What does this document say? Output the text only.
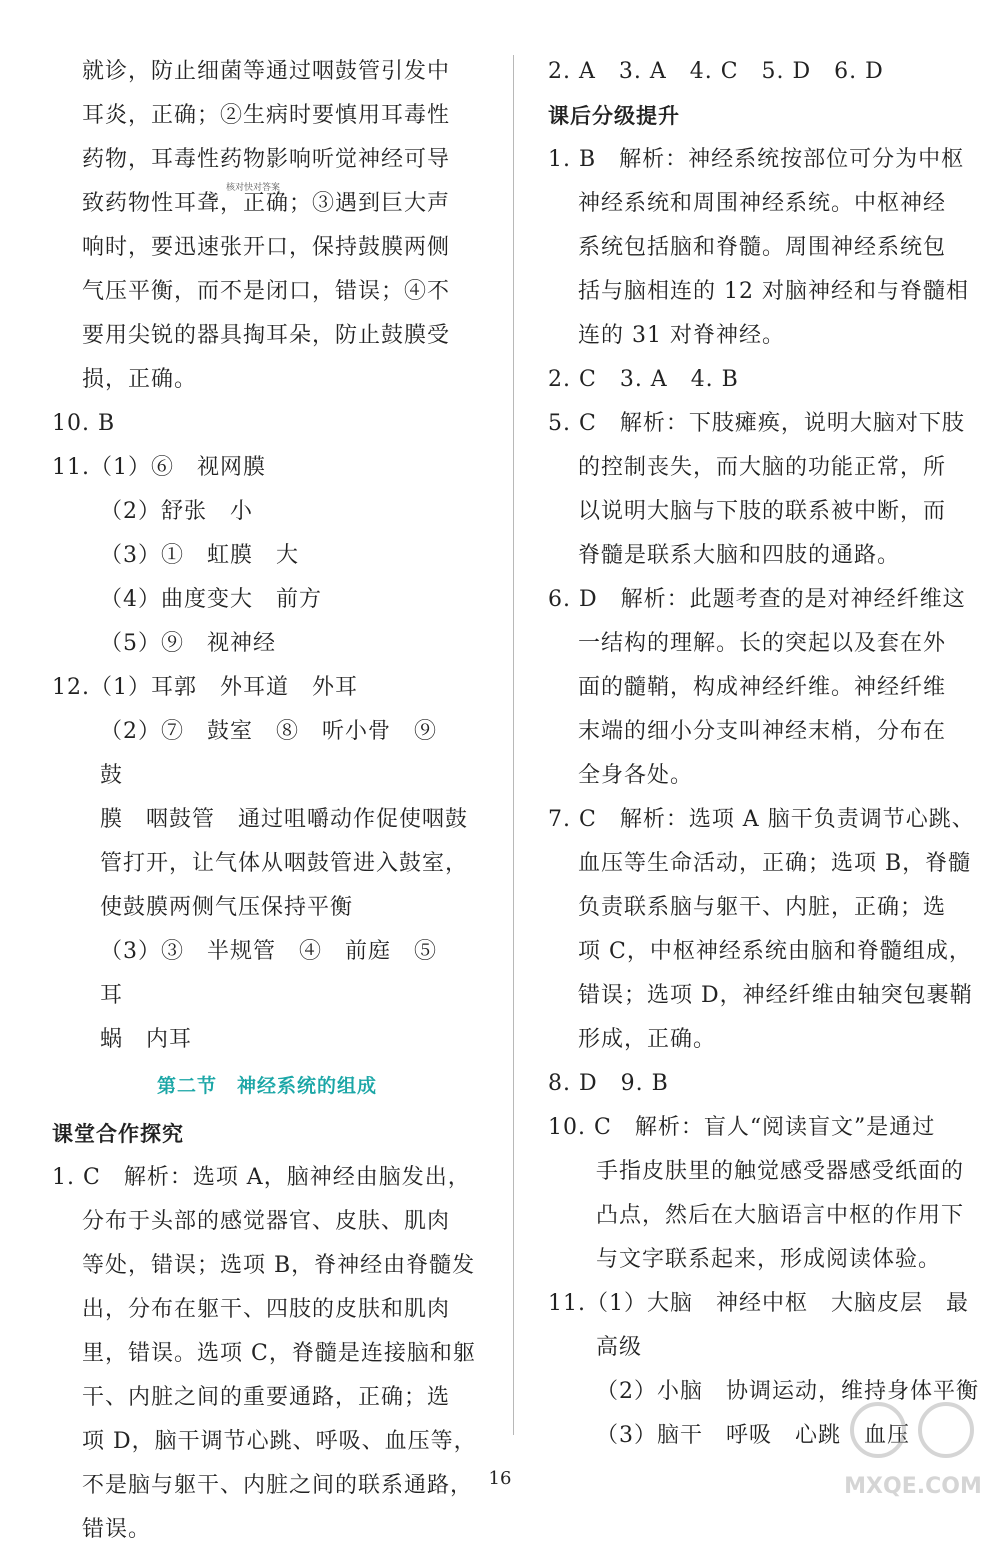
就诊，防止细菌等通过咽鼓管引发中
耳炎，正确；②生病时要慎用耳毒性
药物，耳毒性药物影响听觉神经可导
致药物性耳聋，正确；③遇到巨大声
响时，要迅速张开口，保持鼓膜两侧
气压平衡，而不是闭口，错误；④不
要用尖锐的器具掏耳朵，防止鼓膜受
损，正确。
10. B
11.（1）⑥　视网膜
（2）舒张　小
（3）①　虹膜　大
（4）曲度变大　前方
（5）⑨　视神经
12.（1）耳郭　外耳道　外耳
（2）⑦　鼓室　⑧　听小骨　⑨　鼓
膜　咽鼓管　通过咀嚼动作促使咽鼓
管打开，让气体从咽鼓管进入鼓室，
使鼓膜两侧气压保持平衡
（3）③　半规管　④　前庭　⑤　耳
蜗　内耳
第二节　神经系统的组成
课堂合作探究
1. C　解析：选项 A，脑神经由脑发出，
分布于头部的感觉器官、皮肤、肌肉
等处，错误；选项 B，脊神经由脊髓发
出，分布在躯干、四肢的皮肤和肌肉
里，错误。选项 C，脊髓是连接脑和躯
干、内脏之间的重要通路，正确；选
项 D，脑干调节心跳、呼吸、血压等，
不是脑与躯干、内脏之间的联系通路，
错误。
2. A　3. A　4. C　5. D　6. D
课后分级提升
1. B　解析：神经系统按部位可分为中枢
神经系统和周围神经系统。中枢神经
系统包括脑和脊髓。周围神经系统包
括与脑相连的 12 对脑神经和与脊髓相
连的 31 对脊神经。
2. C　3. A　4. B
5. C　解析：下肢瘫痪，说明大脑对下肢
的控制丧失，而大脑的功能正常，所
以说明大脑与下肢的联系被中断，而
脊髓是联系大脑和四肢的通路。
6. D　解析：此题考查的是对神经纤维这
一结构的理解。长的突起以及套在外
面的髓鞘，构成神经纤维。神经纤维
末端的细小分支叫神经末梢，分布在
全身各处。
7. C　解析：选项 A 脑干负责调节心跳、
血压等生命活动，正确；选项 B，脊髓
负责联系脑与躯干、内脏，正确；选
项 C，中枢神经系统由脑和脊髓组成，
错误；选项 D，神经纤维由轴突包裹鞘
形成，正确。
8. D　9. B
10. C　解析：盲人“阅读盲文”是通过
手指皮肤里的触觉感受器感受纸面的
凸点，然后在大脑语言中枢的作用下
与文字联系起来，形成阅读体验。
11.（1）大脑　神经中枢　大脑皮层　最
高级
（2）小脑　协调运动，维持身体平衡
（3）脑干　呼吸　心跳　血压
核对快对答案
16	MXQE.COM
